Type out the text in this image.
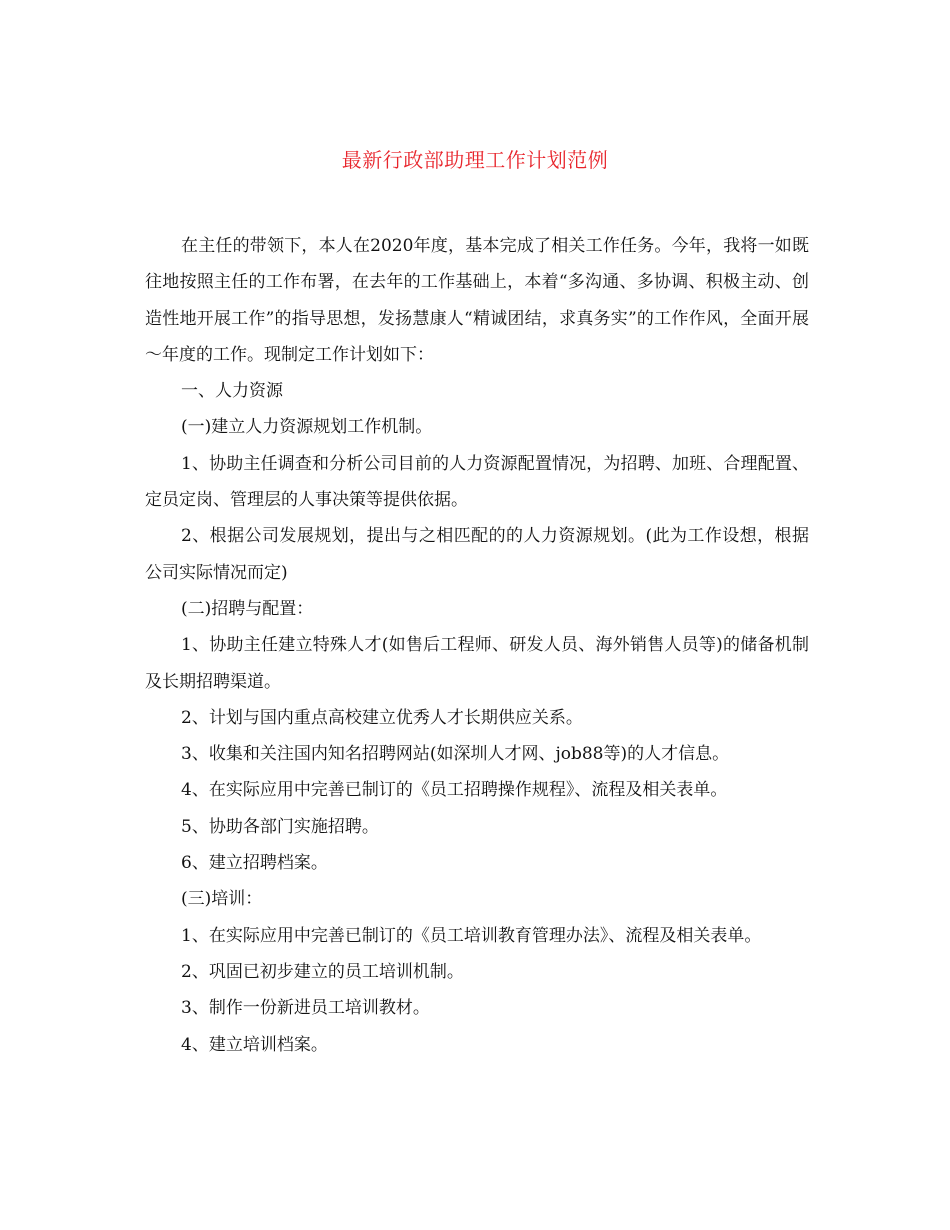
最新行政部助理工作计划范例

在主任的带领下，本人在2020年度，基本完成了相关工作任务。今年，我将一如既往地按照主任的工作布署，在去年的工作基础上，本着“多沟通、多协调、积极主动、创造性地开展工作”的指导思想，发扬慧康人“精诚团结，求真务实”的工作作风，全面开展～年度的工作。现制定工作计划如下：

一、人力资源

(一)建立人力资源规划工作机制。

1、协助主任调查和分析公司目前的人力资源配置情况，为招聘、加班、合理配置、定员定岗、管理层的人事决策等提供依据。

2、根据公司发展规划，提出与之相匹配的的人力资源规划。(此为工作设想，根据公司实际情况而定)

(二)招聘与配置：

1、协助主任建立特殊人才(如售后工程师、研发人员、海外销售人员等)的储备机制及长期招聘渠道。

2、计划与国内重点高校建立优秀人才长期供应关系。

3、收集和关注国内知名招聘网站(如深圳人才网、job88等)的人才信息。

4、在实际应用中完善已制订的《员工招聘操作规程》、流程及相关表单。

5、协助各部门实施招聘。

6、建立招聘档案。

(三)培训：

1、在实际应用中完善已制订的《员工培训教育管理办法》、流程及相关表单。

2、巩固已初步建立的员工培训机制。

3、制作一份新进员工培训教材。

4、建立培训档案。
